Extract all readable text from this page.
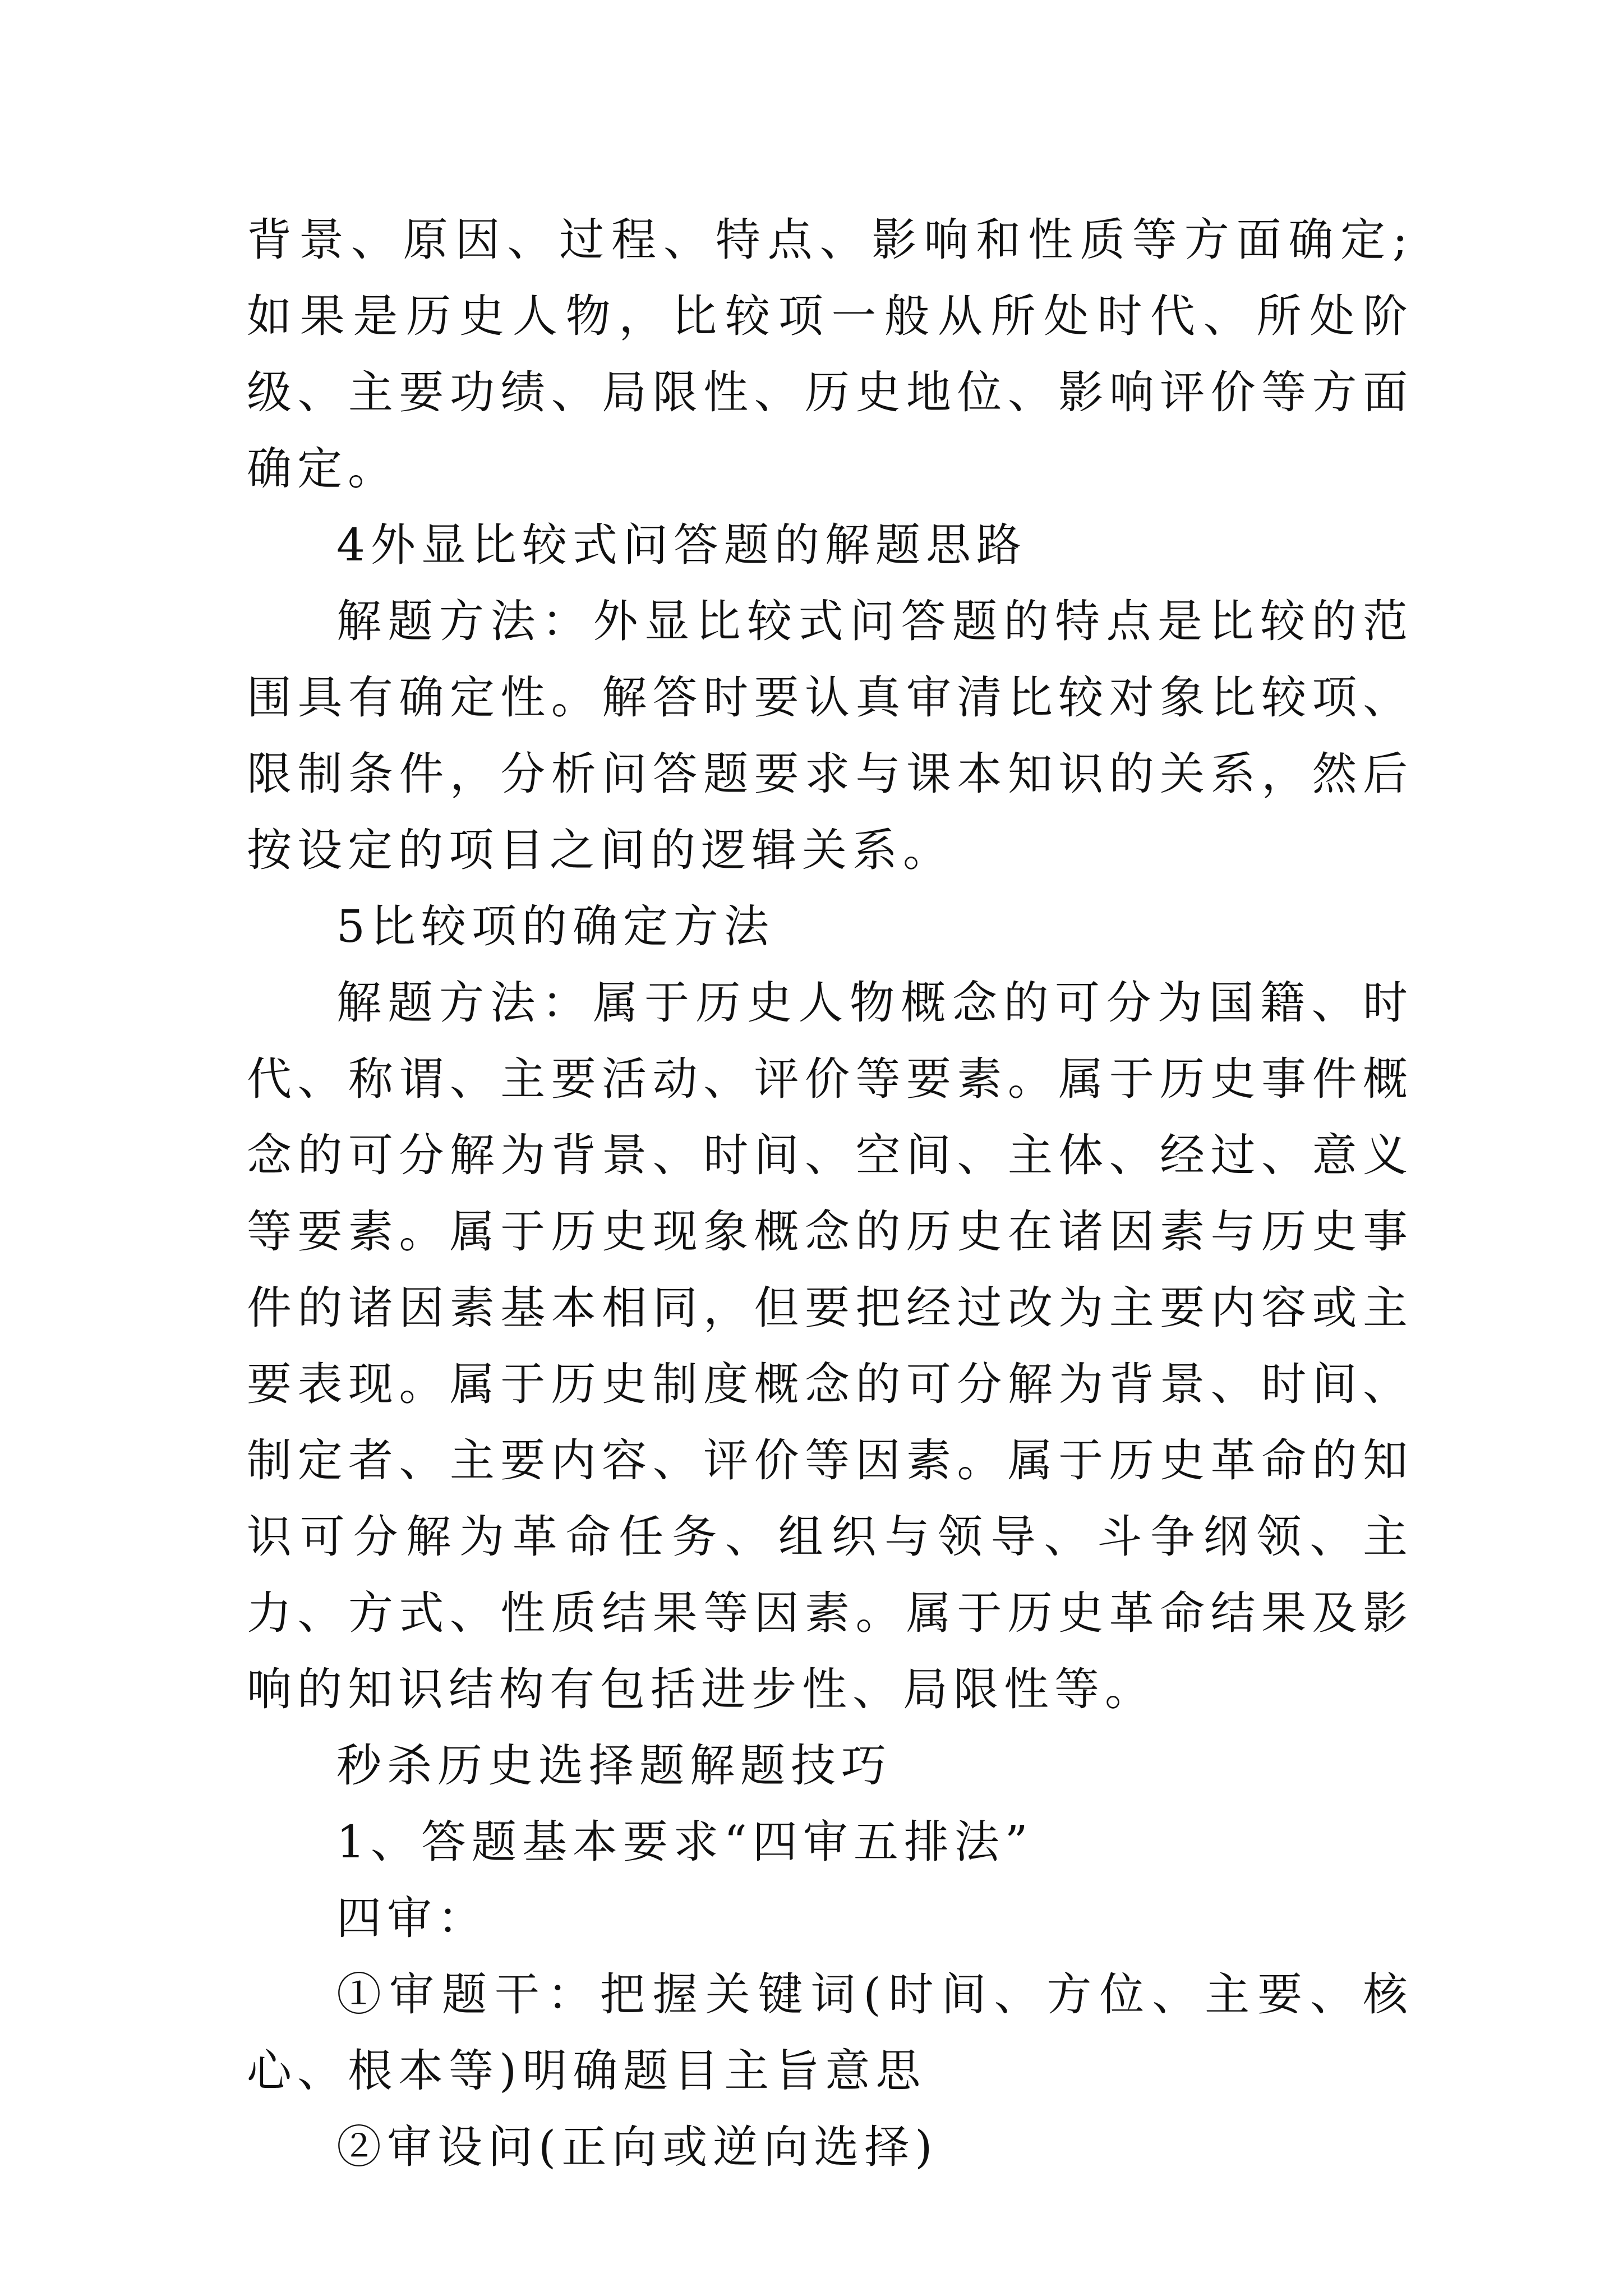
背景、原因、过程、特点、影响和性质等方面确定;如果是历史人物，比较项一般从所处时代、所处阶级、主要功绩、局限性、历史地位、影响评价等方面确定。

4外显比较式问答题的解题思路

解题方法：外显比较式问答题的特点是比较的范围具有确定性。解答时要认真审清比较对象比较项、限制条件，分析问答题要求与课本知识的关系，然后按设定的项目之间的逻辑关系。

5比较项的确定方法

解题方法：属于历史人物概念的可分为国籍、时代、称谓、主要活动、评价等要素。属于历史事件概念的可分解为背景、时间、空间、主体、经过、意义等要素。属于历史现象概念的历史在诸因素与历史事件的诸因素基本相同，但要把经过改为主要内容或主要表现。属于历史制度概念的可分解为背景、时间、制定者、主要内容、评价等因素。属于历史革命的知识可分解为革命任务、组织与领导、斗争纲领、主力、方式、性质结果等因素。属于历史革命结果及影响的知识结构有包括进步性、局限性等。

秒杀历史选择题解题技巧

1、答题基本要求“四审五排法”

四审：

①审题干：把握关键词(时间、方位、主要、核心、根本等)明确题目主旨意思

②审设问(正向或逆向选择)
